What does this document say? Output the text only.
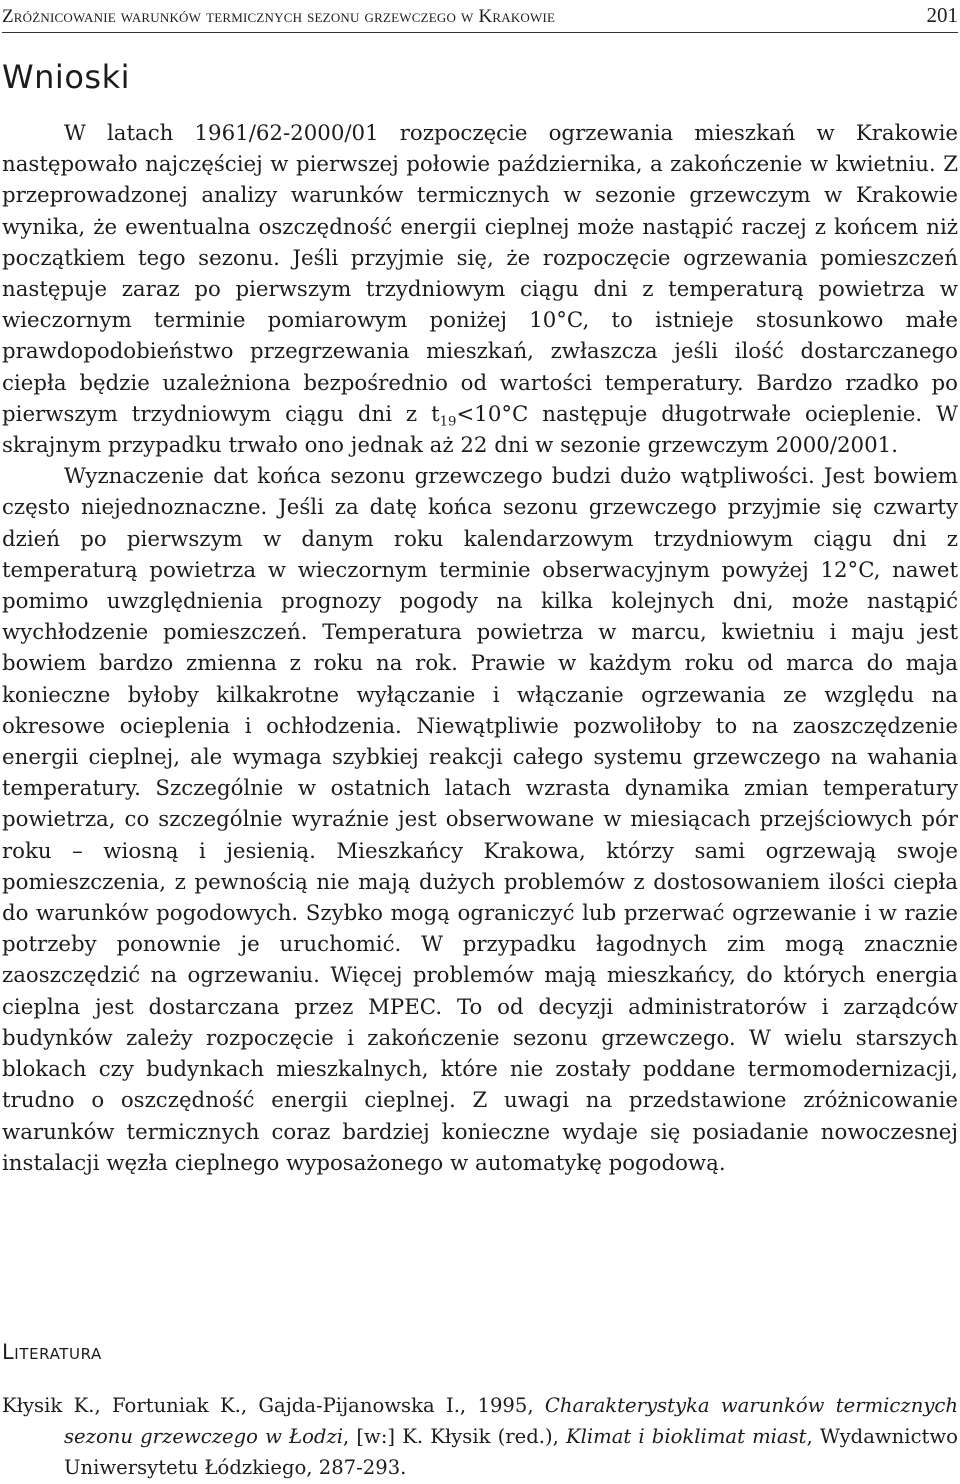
Zróżnicowanie warunków termicznych sezonu grzewczego w Krakowie	201
Wnioski

W latach 1961/62-2000/01 rozpoczęcie ogrzewania mieszkań w Krakowie następowało najczęściej w pierwszej połowie października, a zakończenie w kwietniu. Z przeprowadzonej analizy warunków termicznych w sezonie grzewczym w Krakowie wynika, że ewentualna oszczędność energii cieplnej może nastąpić raczej z końcem niż początkiem tego sezonu. Jeśli przyjmie się, że rozpoczęcie ogrzewania pomieszczeń następuje zaraz po pierwszym trzydniowym ciągu dni z temperaturą powietrza w wieczornym terminie pomiarowym poniżej 10°C, to istnieje stosunkowo małe prawdopodobieństwo przegrzewania mieszkań, zwłaszcza jeśli ilość dostarczanego ciepła będzie uzależniona bezpośrednio od wartości temperatury. Bardzo rzadko po pierwszym trzydniowym ciągu dni z $t_{19}<10^\circ C$ następuje długotrwałe ocieplenie. W skrajnym przypadku trwało ono jednak aż 22 dni w sezonie grzewczym 2000/2001.

Wyznaczenie dat końca sezonu grzewczego budzi dużo wątpliwości. Jest bowiem często niejednoznaczne. Jeśli za datę końca sezonu grzewczego przyjmie się czwarty dzień po pierwszym w danym roku kalendarzowym trzydniowym ciągu dni z temperaturą powietrza w wieczornym terminie obserwacyjnym powyżej 12°C, nawet pomimo uwzględnienia prognozy pogody na kilka kolejnych dni, może nastąpić wychłodzenie pomieszczeń. Temperatura powietrza w marcu, kwietniu i maju jest bowiem bardzo zmienna z roku na rok. Prawie w każdym roku od marca do maja konieczne byłoby kilkakrotne wyłączanie i włączanie ogrzewania ze względu na okresowe ocieplenia i ochłodzenia. Niewątpliwie pozwoliłoby to na zaoszczędzenie energii cieplnej, ale wymaga szybkiej reakcji całego systemu grzewczego na wahania temperatury. Szczególnie w ostatnich latach wzrasta dynamika zmian temperatury powietrza, co szczególnie wyraźnie jest obserwowane w miesiącach przejściowych pór roku – wiosną i jesienią. Mieszkańcy Krakowa, którzy sami ogrzewają swoje pomieszczenia, z pewnością nie mają dużych problemów z dostosowaniem ilości ciepła do warunków pogodowych. Szybko mogą ograniczyć lub przerwać ogrzewanie i w razie potrzeby ponownie je uruchomić. W przypadku łagodnych zim mogą znacznie zaoszczędzić na ogrzewaniu. Więcej problemów mają mieszkańcy, do których energia cieplna jest dostarczana przez MPEC. To od decyzji administratorów i zarządców budynków zależy rozpoczęcie i zakończenie sezonu grzewczego. W wielu starszych blokach czy budynkach mieszkalnych, które nie zostały poddane termomodernizacji, trudno o oszczędność energii cieplnej. Z uwagi na przedstawione zróżnicowanie warunków termicznych coraz bardziej konieczne wydaje się posiadanie nowoczesnej instalacji węzła cieplnego wyposażonego w automatykę pogodową.

Literatura
Kłysik K., Fortuniak K., Gajda-Pijanowska I., 1995, Charakterystyka warunków termicznych sezonu grzewczego w Łodzi, [w:] K. Kłysik (red.), Klimat i bioklimat miast, Wydawnictwo Uniwersytetu Łódzkiego, 287-293.
